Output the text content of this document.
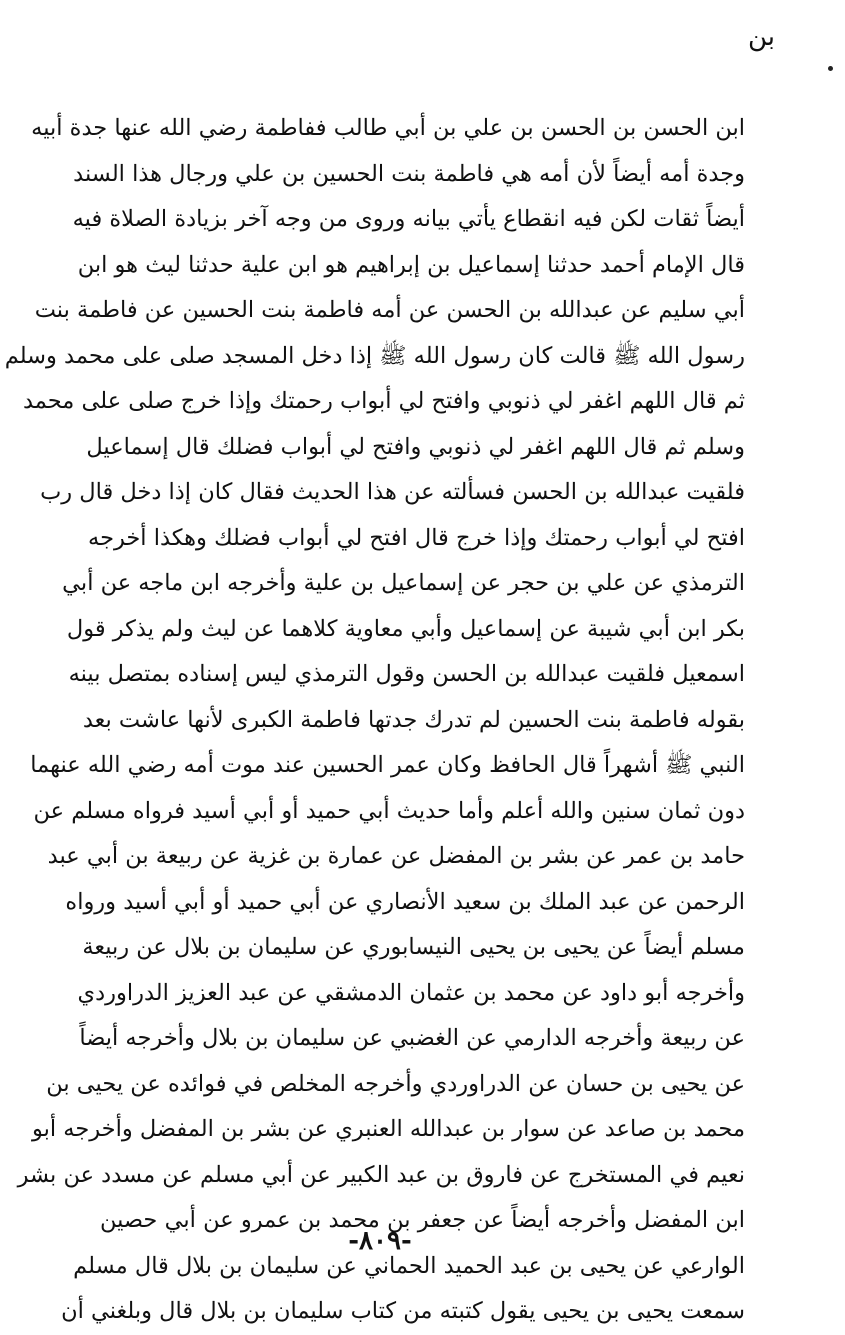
بن
ابن الحسن بن الحسن بن علي بن أبي طالب ففاطمة رضي الله عنها جدة أبيه
وجدة أمه أيضاً لأن أمه هي فاطمة بنت الحسين بن علي ورجال هذا السند
أيضاً ثقات لكن فيه انقطاع يأتي بيانه وروى من وجه آخر بزيادة الصلاة فيه
قال الإمام أحمد حدثنا إسماعيل بن إبراهيم هو ابن علية حدثنا ليث هو ابن
أبي سليم عن عبدالله بن الحسن عن أمه فاطمة بنت الحسين عن فاطمة بنت
رسول الله ﷺ قالت كان رسول الله ﷺ إذا دخل المسجد صلى على محمد وسلم
ثم قال اللهم اغفر لي ذنوبي وافتح لي أبواب رحمتك وإذا خرج صلى على محمد
وسلم ثم قال اللهم اغفر لي ذنوبي وافتح لي أبواب فضلك قال إسماعيل
فلقيت عبدالله بن الحسن فسألته عن هذا الحديث فقال كان إذا دخل قال رب
افتح لي أبواب رحمتك وإذا خرج قال افتح لي أبواب فضلك وهكذا أخرجه
الترمذي عن علي بن حجر عن إسماعيل بن علية وأخرجه ابن ماجه عن أبي
بكر ابن أبي شيبة عن إسماعيل وأبي معاوية كلاهما عن ليث ولم يذكر قول
اسمعيل فلقيت عبدالله بن الحسن وقول الترمذي ليس إسناده بمتصل بينه
بقوله فاطمة بنت الحسين لم تدرك جدتها فاطمة الكبرى لأنها عاشت بعد
النبي ﷺ أشهراً قال الحافظ وكان عمر الحسين عند موت أمه رضي الله عنهما
دون ثمان سنين والله أعلم وأما حديث أبي حميد أو أبي أسيد فرواه مسلم عن
حامد بن عمر عن بشر بن المفضل عن عمارة بن غزية عن ربيعة بن أبي عبد
الرحمن عن عبد الملك بن سعيد الأنصاري عن أبي حميد أو أبي أسيد ورواه
مسلم أيضاً عن يحيى بن يحيى النيسابوري عن سليمان بن بلال عن ربيعة
وأخرجه أبو داود عن محمد بن عثمان الدمشقي عن عبد العزيز الدراوردي
عن ربيعة وأخرجه الدارمي عن الغضبي عن سليمان بن بلال وأخرجه أيضاً
عن يحيى بن حسان عن الدراوردي وأخرجه المخلص في فوائده عن يحيى بن
محمد بن صاعد عن سوار بن عبدالله العنبري عن بشر بن المفضل وأخرجه أبو
نعيم في المستخرج عن فاروق بن عبد الكبير عن أبي مسلم عن مسدد عن بشر
ابن المفضل وأخرجه أيضاً عن جعفر بن محمد بن عمرو عن أبي حصين
الوارعي عن يحيى بن عبد الحميد الحماني عن سليمان بن بلال قال مسلم
سمعت يحيى بن يحيى يقول كتبته من كتاب سليمان بن بلال قال وبلغني أن
-٨٠٩-
